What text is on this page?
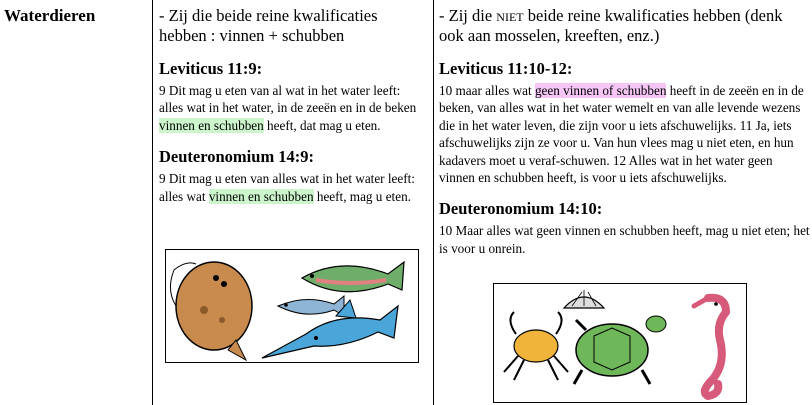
Waterdieren	- Zij die beide reine kwalificaties hebben : vinnen + schubben
Leviticus 11:9:
9 Dit mag u eten van al wat in het water leeft: alles wat in het water, in de zeeën en in de beken vinnen en schubben heeft, dat mag u eten.
Deuteronomium 14:9:
9 Dit mag u eten van alles wat in het water leeft: alles wat vinnen en schubben heeft, mag u eten.
- Zij die niet beide reine kwalificaties hebben (denk ook aan mosselen, kreeften, enz.)
Leviticus 11:10-12:
10 maar alles wat geen vinnen of schubben heeft in de zeeën en in de beken, van alles wat in het water wemelt en van alle levende wezens die in het water leven, die zijn voor u iets afschuwelijks. 11 Ja, iets afschuwelijks zijn ze voor u. Van hun vlees mag u niet eten, en hun kadavers moet u veraf-schuwen. 12 Alles wat in het water geen vinnen en schubben heeft, is voor u iets afschuwelijks.
Deuteronomium 14:10:
10 Maar alles wat geen vinnen en schubben heeft, mag u niet eten; het is voor u onrein.
